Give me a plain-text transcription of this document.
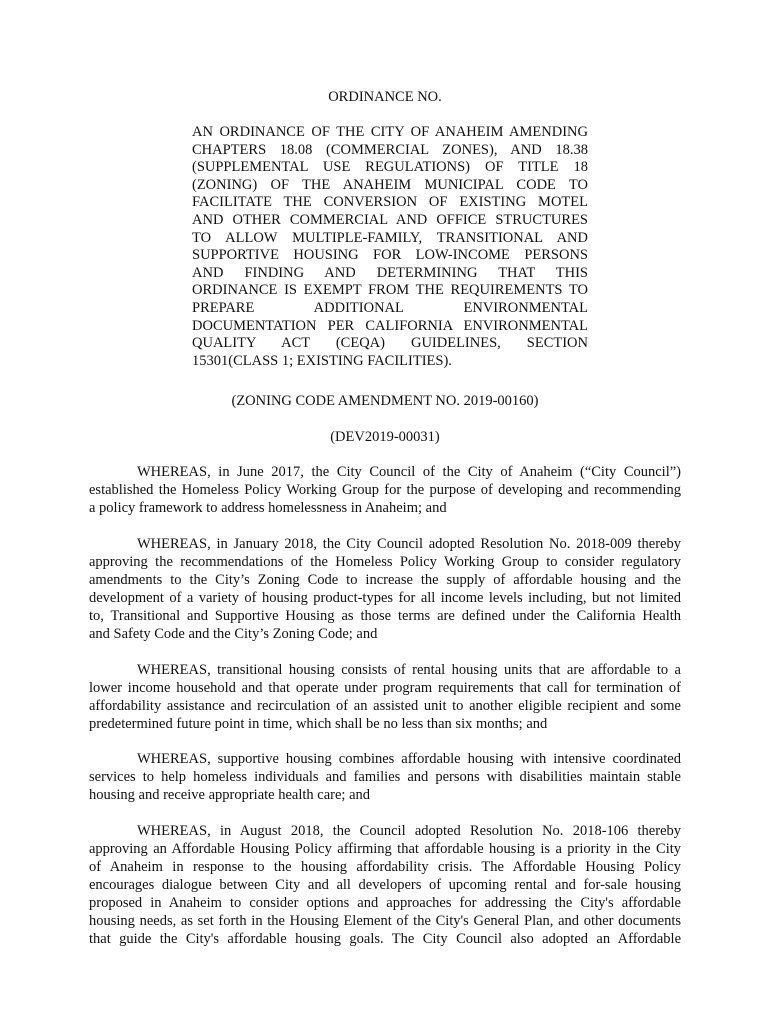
ORDINANCE NO.
AN ORDINANCE OF THE CITY OF ANAHEIM AMENDING
CHAPTERS 18.08 (COMMERCIAL ZONES), AND 18.38
(SUPPLEMENTAL USE REGULATIONS) OF TITLE 18
(ZONING) OF THE ANAHEIM MUNICIPAL CODE TO
FACILITATE THE CONVERSION OF EXISTING MOTEL
AND OTHER COMMERCIAL AND OFFICE STRUCTURES
TO ALLOW MULTIPLE-FAMILY, TRANSITIONAL AND
SUPPORTIVE HOUSING FOR LOW-INCOME PERSONS
AND FINDING AND DETERMINING THAT THIS
ORDINANCE IS EXEMPT FROM THE REQUIREMENTS TO
PREPARE ADDITIONAL ENVIRONMENTAL
DOCUMENTATION PER CALIFORNIA ENVIRONMENTAL
QUALITY ACT (CEQA) GUIDELINES, SECTION
15301(CLASS 1; EXISTING FACILITIES).
(ZONING CODE AMENDMENT NO. 2019-00160)
(DEV2019-00031)
WHEREAS, in June 2017, the City Council of the City of Anaheim (“City Council”)
established the Homeless Policy Working Group for the purpose of developing and recommending
a policy framework to address homelessness in Anaheim; and
WHEREAS, in January 2018, the City Council adopted Resolution No. 2018-009 thereby
approving the recommendations of the Homeless Policy Working Group to consider regulatory
amendments to the City’s Zoning Code to increase the supply of affordable housing and the
development of a variety of housing product-types for all income levels including, but not limited
to, Transitional and Supportive Housing as those terms are defined under the California Health
and Safety Code and the City’s Zoning Code; and
WHEREAS, transitional housing consists of rental housing units that are affordable to a
lower income household and that operate under program requirements that call for termination of
affordability assistance and recirculation of an assisted unit to another eligible recipient and some
predetermined future point in time, which shall be no less than six months; and
WHEREAS, supportive housing combines affordable housing with intensive coordinated
services to help homeless individuals and families and persons with disabilities maintain stable
housing and receive appropriate health care; and
WHEREAS, in August 2018, the Council adopted Resolution No. 2018-106 thereby
approving an Affordable Housing Policy affirming that affordable housing is a priority in the City
of Anaheim in response to the housing affordability crisis. The Affordable Housing Policy
encourages dialogue between City and all developers of upcoming rental and for-sale housing
proposed in Anaheim to consider options and approaches for addressing the City's affordable
housing needs, as set forth in the Housing Element of the City's General Plan, and other documents
that guide the City's affordable housing goals. The City Council also adopted an Affordable
